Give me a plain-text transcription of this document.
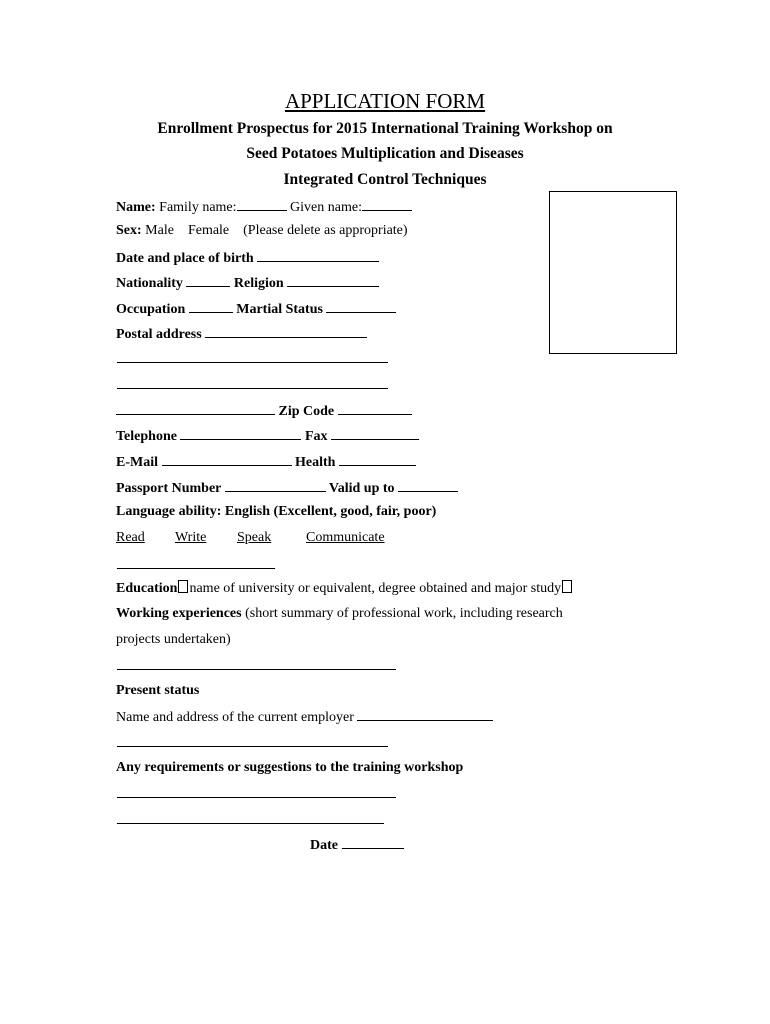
APPLICATION FORM
Enrollment Prospectus for 2015 International Training Workshop on
Seed Potatoes Multiplication and Diseases
Integrated Control Techniques
Name: Family name:	Given name:
Sex: Male    Female    (Please delete as appropriate)
Date and place of birth
Nationality	Religion
Occupation	Martial Status
Postal address
Zip Code
Telephone	Fax
E-Mail	Health
Passport Number	Valid up to
Language ability: English (Excellent, good, fair, poor)
Read Write Speak Communicate
Education name of university or equivalent, degree obtained and major study
Working experiences (short summary of professional work, including research
projects undertaken)
Present status
Name and address of the current employer
Any requirements or suggestions to the training workshop
Date
